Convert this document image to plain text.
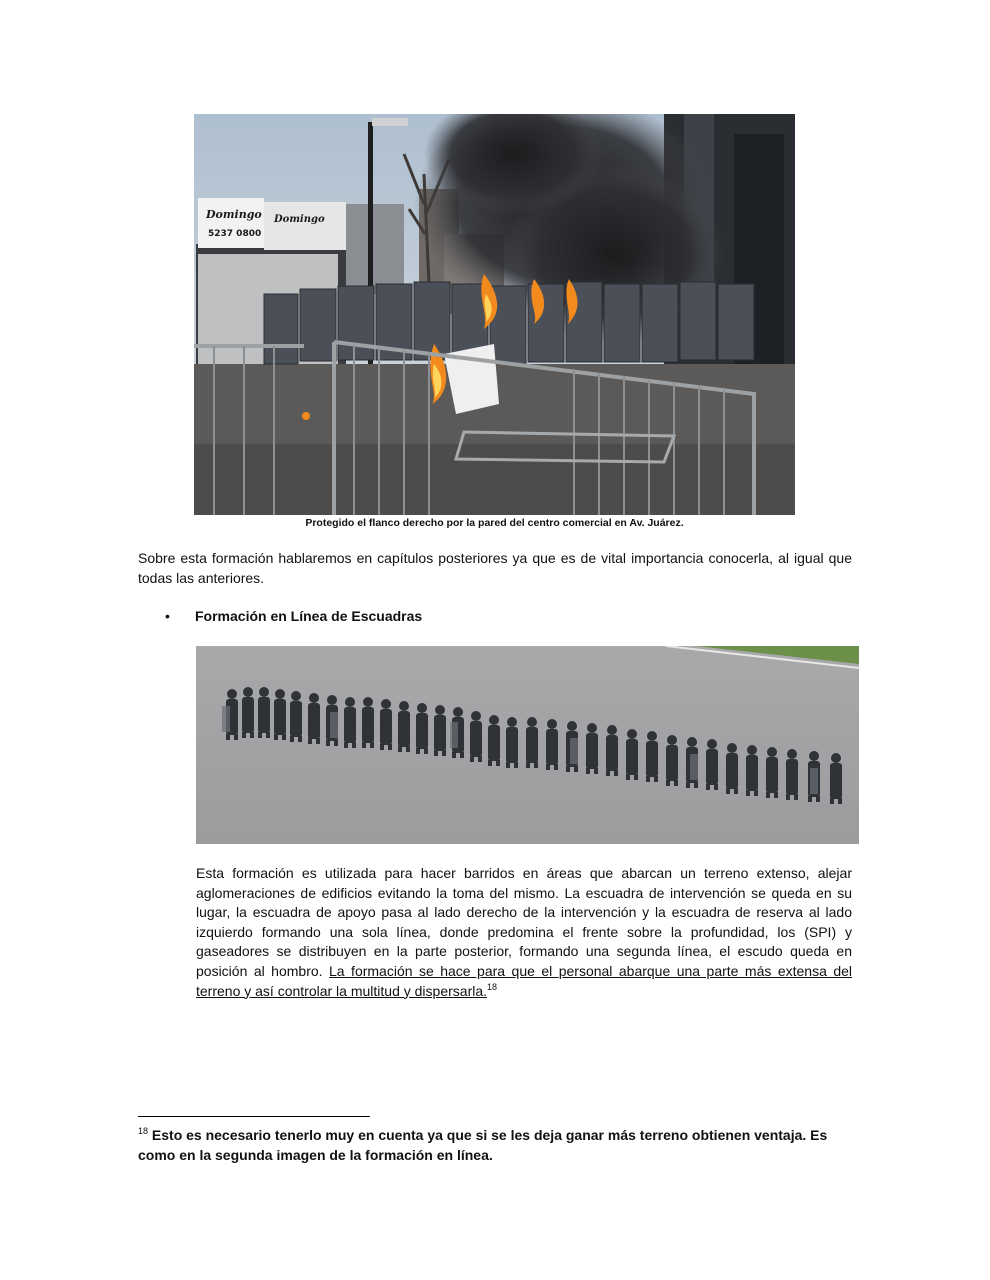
Domingo Domingo
5237 0800
Protegido el flanco derecho por la pared del centro comercial en Av. Juárez.
Sobre esta formación hablaremos en capítulos posteriores ya que es de vital importancia conocerla, al igual que todas las anteriores.
• Formación en Línea de Escuadras
Esta formación es utilizada para hacer barridos en áreas que abarcan un terreno extenso, alejar aglomeraciones de edificios evitando la toma del mismo. La escuadra de intervención se queda en su lugar, la escuadra de apoyo pasa al lado derecho de la intervención y la escuadra de reserva al lado izquierdo formando una sola línea, donde predomina el frente sobre la profundidad, los (SPI) y gaseadores se distribuyen en la parte posterior, formando una segunda línea, el escudo queda en posición al hombro. La formación se hace para que el personal abarque una parte más extensa del terreno y así controlar la multitud y dispersarla.$^{18}$
$^{18}$ Esto es necesario tenerlo muy en cuenta ya que si se les deja ganar más terreno obtienen ventaja. Es como en la segunda imagen de la formación en línea.
